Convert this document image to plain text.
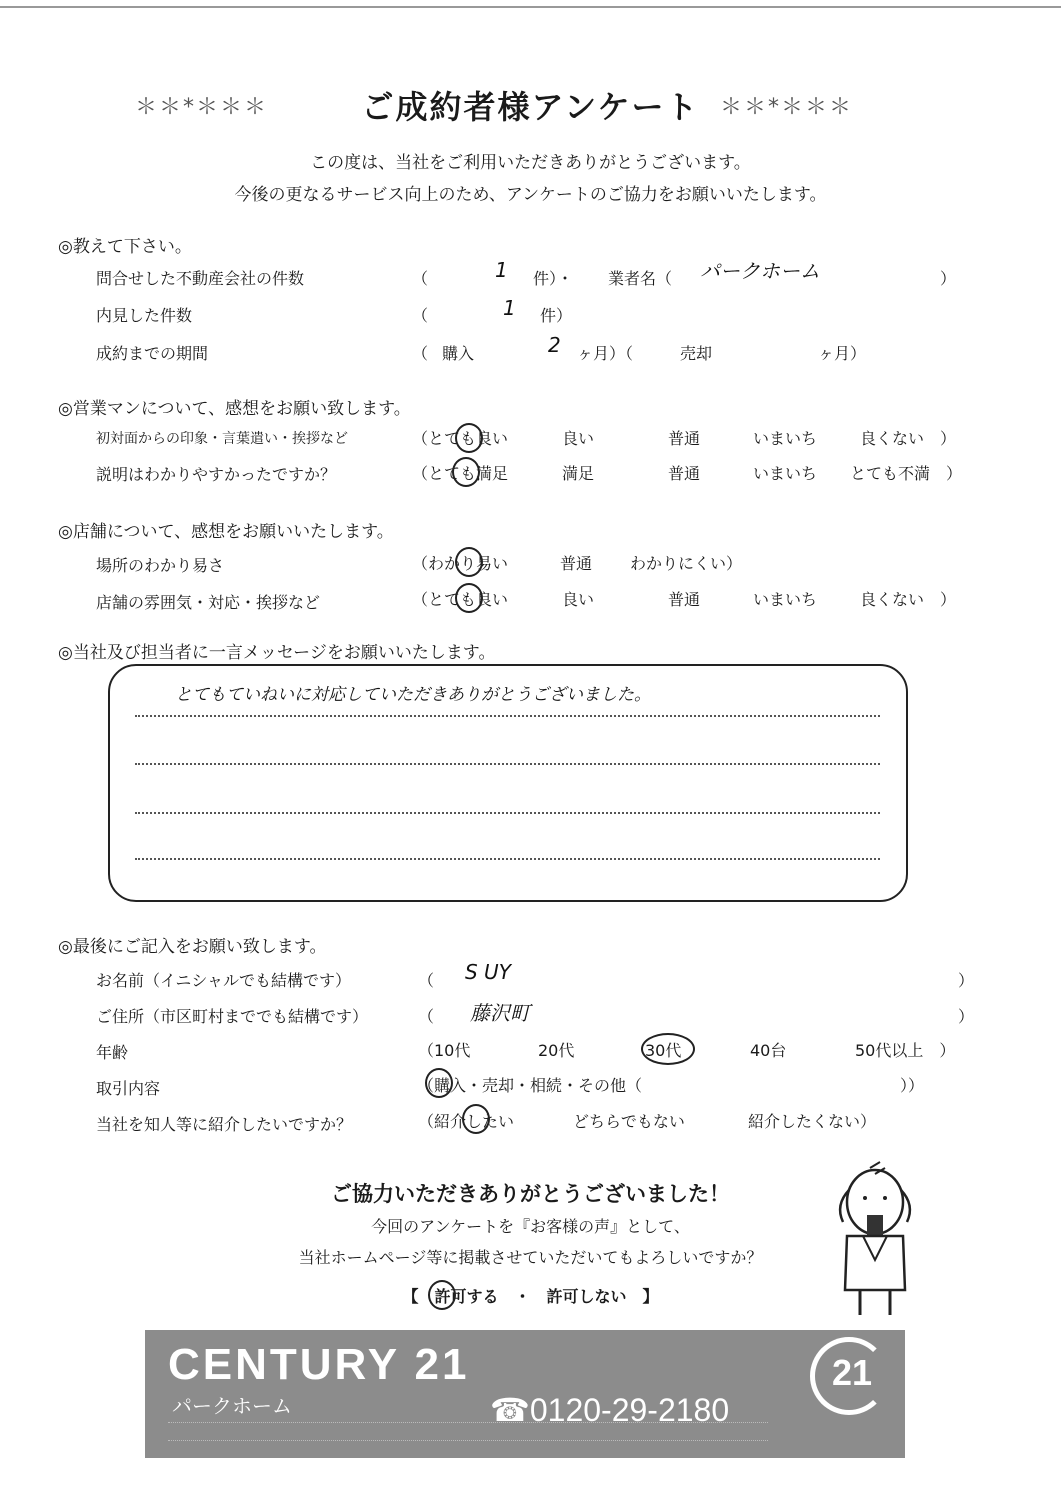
＊＊*＊＊＊	ご成約者様アンケート ＊＊*＊＊＊
この度は、当社をご利用いただきありがとうございます。
今後の更なるサービス向上のため、アンケートのご協力をお願いいたします。
◎教えて下さい。
問合せした不動産会社の件数	（	1 件）・ 業者名（ パークホーム	）
内見した件数	（	1 件）
成約までの期間	（ 購入	2 ヶ月）（	売却	ヶ月）
◎営業マンについて、感想をお願い致します。
初対面からの印象・言葉遣い・挨拶など	（とても良い	良い	普通	いまいち	良くない　）
説明はわかりやすかったですか？	（とても満足	満足	普通	いまいち とても不満　）
◎店舗について、感想をお願いいたします。
場所のわかり易さ	（わかり易い	普通 わかりにくい）
店舗の雰囲気・対応・挨拶など	（とても良い	良い	普通	いまいち	良くない　）
◎当社及び担当者に一言メッセージをお願いいたします。
とてもていねいに対応していただきありがとうございました。
◎最後にご記入をお願い致します。
お名前（イニシャルでも結構です）	（ S UY	）
ご住所（市区町村まででも結構です）	（ 藤沢町	）
年齢	（10代	20代	30代	40台	50代以上　）
取引内容	（購入・売却・相続・その他（	））
当社を知人等に紹介したいですか？	（紹介したい	どちらでもない	紹介したくない）
ご協力いただきありがとうございました！
今回のアンケートを『お客様の声』として、
当社ホームページ等に掲載させていただいてもよろしいですか？
【　許可する　・　許可しない　】
CENTURY 21
パークホーム	☎0120-29-2180
21
